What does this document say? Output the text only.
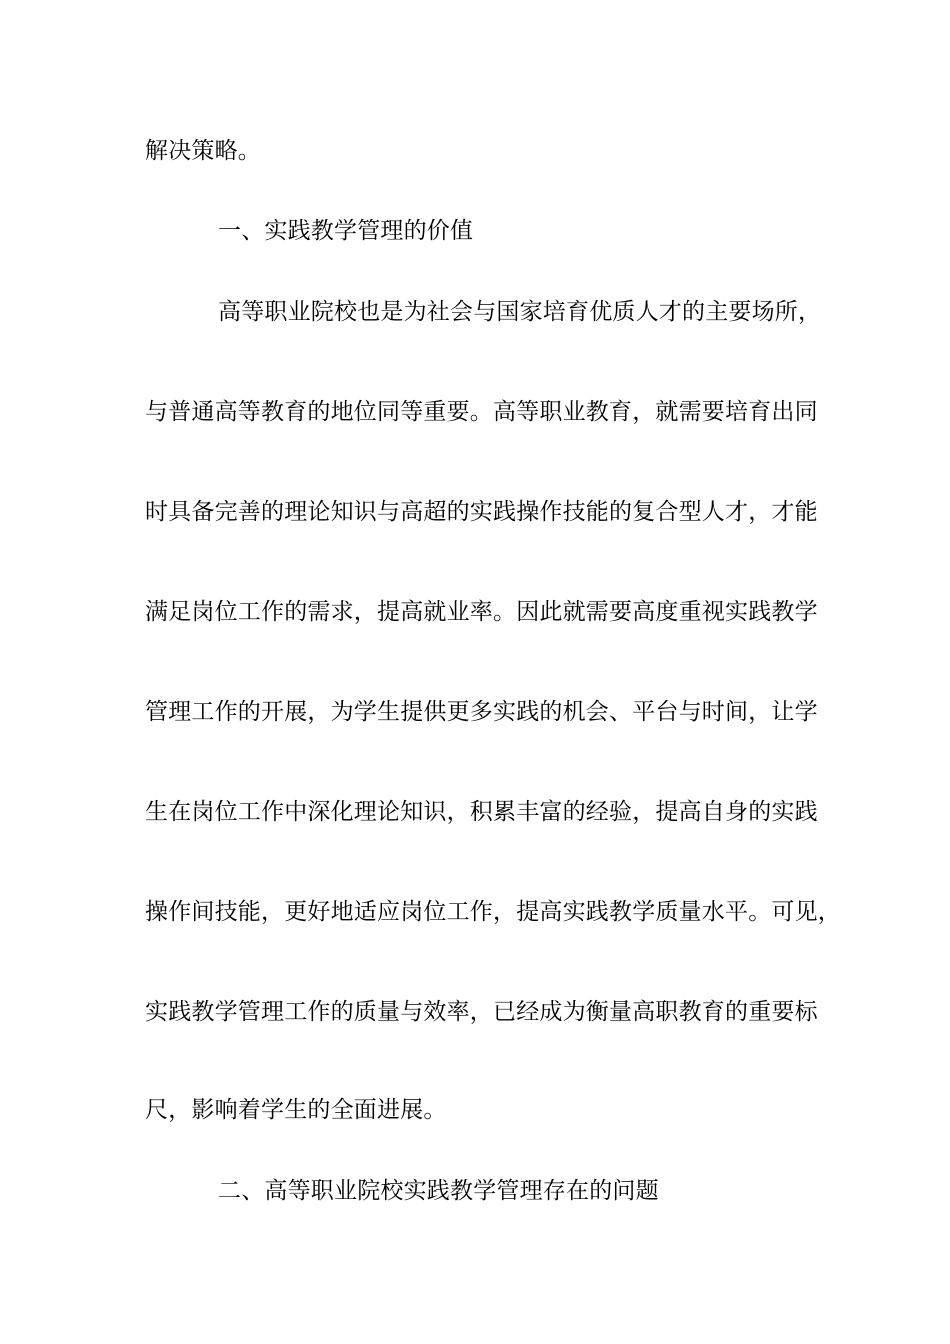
解决策略。
一、实践教学管理的价值
高等职业院校也是为社会与国家培育优质人才的主要场所，
与普通高等教育的地位同等重要。高等职业教育，就需要培育出同
时具备完善的理论知识与高超的实践操作技能的复合型人才，才能
满足岗位工作的需求，提高就业率。因此就需要高度重视实践教学
管理工作的开展，为学生提供更多实践的机会、平台与时间，让学
生在岗位工作中深化理论知识，积累丰富的经验，提高自身的实践
操作间技能，更好地适应岗位工作，提高实践教学质量水平。可见，
实践教学管理工作的质量与效率，已经成为衡量高职教育的重要标
尺，影响着学生的全面进展。
二、高等职业院校实践教学管理存在的问题
